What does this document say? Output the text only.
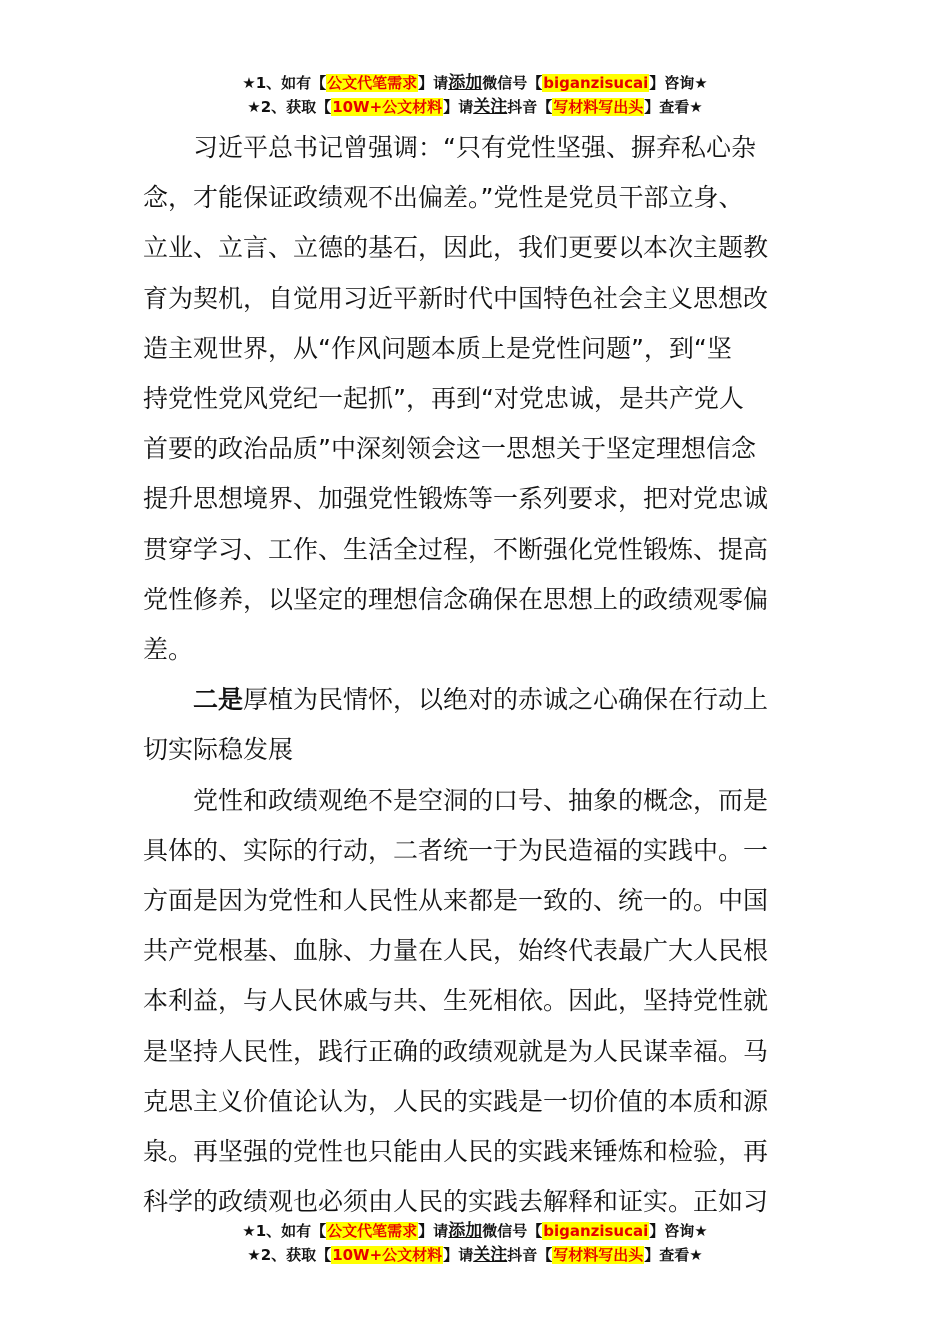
★1、如有【公文代笔需求】请添加微信号【biganzisucai】咨询★
★2、获取【10W+公文材料】请关注抖音【写材料写出头】查看★

习近平总书记曾强调：“只有党性坚强、摒弃私心杂
念，才能保证政绩观不出偏差。”党性是党员干部立身、
立业、立言、立德的基石，因此，我们更要以本次主题教
育为契机，自觉用习近平新时代中国特色社会主义思想改
造主观世界，从“作风问题本质上是党性问题”，到“坚
持党性党风党纪一起抓”，再到“对党忠诚，是共产党人
首要的政治品质”中深刻领会这一思想关于坚定理想信念
提升思想境界、加强党性锻炼等一系列要求，把对党忠诚
贯穿学习、工作、生活全过程，不断强化党性锻炼、提高
党性修养，以坚定的理想信念确保在思想上的政绩观零偏
差。

二是厚植为民情怀，以绝对的赤诚之心确保在行动上
切实际稳发展

党性和政绩观绝不是空洞的口号、抽象的概念，而是
具体的、实际的行动，二者统一于为民造福的实践中。一
方面是因为党性和人民性从来都是一致的、统一的。中国
共产党根基、血脉、力量在人民，始终代表最广大人民根
本利益，与人民休戚与共、生死相依。因此，坚持党性就
是坚持人民性，践行正确的政绩观就是为人民谋幸福。马
克思主义价值论认为，人民的实践是一切价值的本质和源
泉。再坚强的党性也只能由人民的实践来锤炼和检验，再
科学的政绩观也必须由人民的实践去解释和证实。正如习

★1、如有【公文代笔需求】请添加微信号【biganzisucai】咨询★
★2、获取【10W+公文材料】请关注抖音【写材料写出头】查看★
